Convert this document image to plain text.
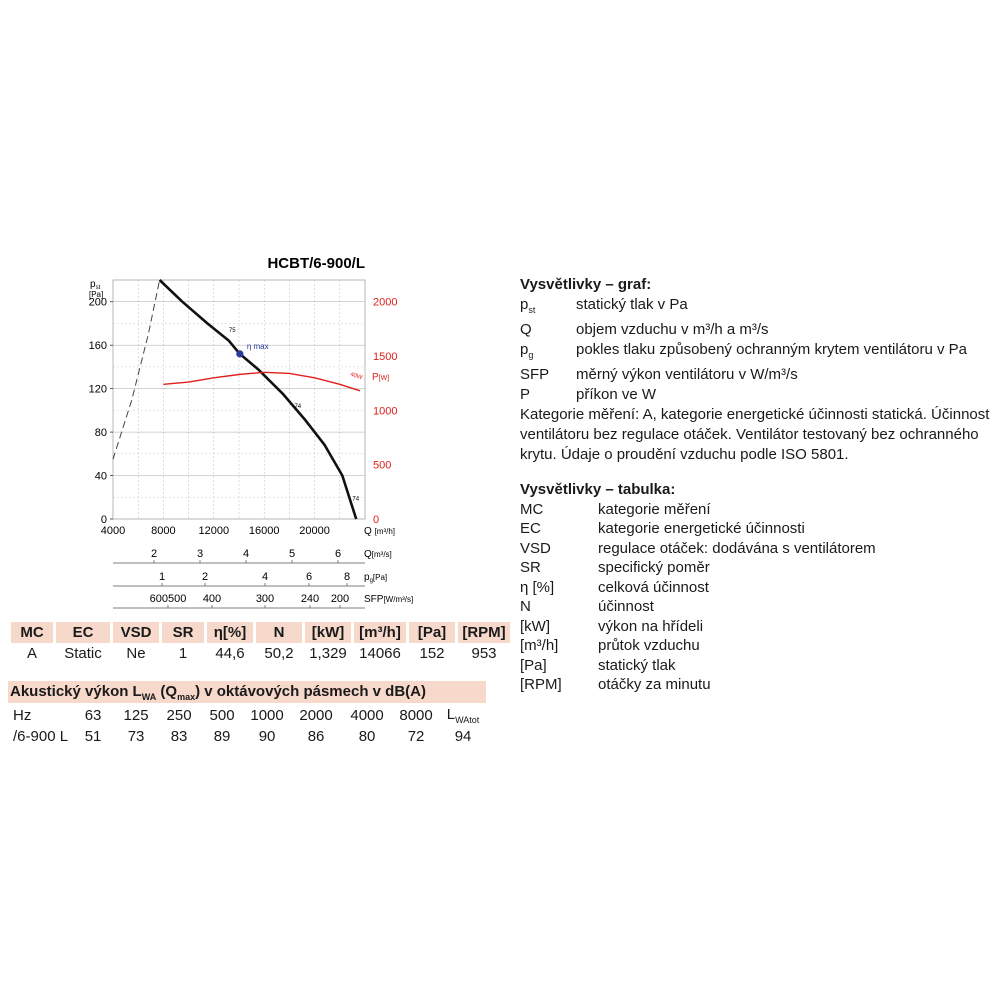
0
40
80
120
160
200
$p_{st}$
[Pa]
0
500
1000
1500
2000
P[W]
4000 8000 12000 16000 20000	Q [m³/h]
2	3	4	5	6 Q[m³/s]
1	2	4	6	8 $p_g[Pa]$
600500 400	300 240 200 SFP[W/m³/s]
75
74
74
η max
40W
HCBT/6-900/L
MC	EC	VSD	SR	η[%]	N	[kW]	[m³/h]	[Pa]	[RPM]
A	Static	Ne	1	44,6	50,2	1,329	14066	152	953
Akustický výkon $L_{WA}$ $(Q_{max})$ v oktávových pásmech v dB(A)
Hz	63	125	250	500	1000	2000	4000	8000	$L_{WAtot}$
/6-900 L	51	73	83	89	90	86	80	72	94
Vysvětlivky – graf:
$p_{st}$	statický tlak v Pa
Q	objem vzduchu v m³/h a m³/s
$p_g$	pokles tlaku způsobený ochranným krytem ventilátoru v Pa
SFP	měrný výkon ventilátoru v W/m³/s
P	příkon ve W
Kategorie měření: A, kategorie energetické účinnosti statická. Účinnost ventilátoru bez regulace otáček. Ventilátor testovaný bez ochranného krytu. Údaje o proudění vzduchu podle ISO 5801.
Vysvětlivky – tabulka:
MC	kategorie měření
EC	kategorie energetické účinnosti
VSD	regulace otáček: dodávána s ventilátorem
SR	specifický poměr
η [%]	celková účinnost
N	účinnost
[kW]	výkon na hřídeli
[m³/h]	průtok vzduchu
[Pa]	statický tlak
[RPM]	otáčky za minutu
